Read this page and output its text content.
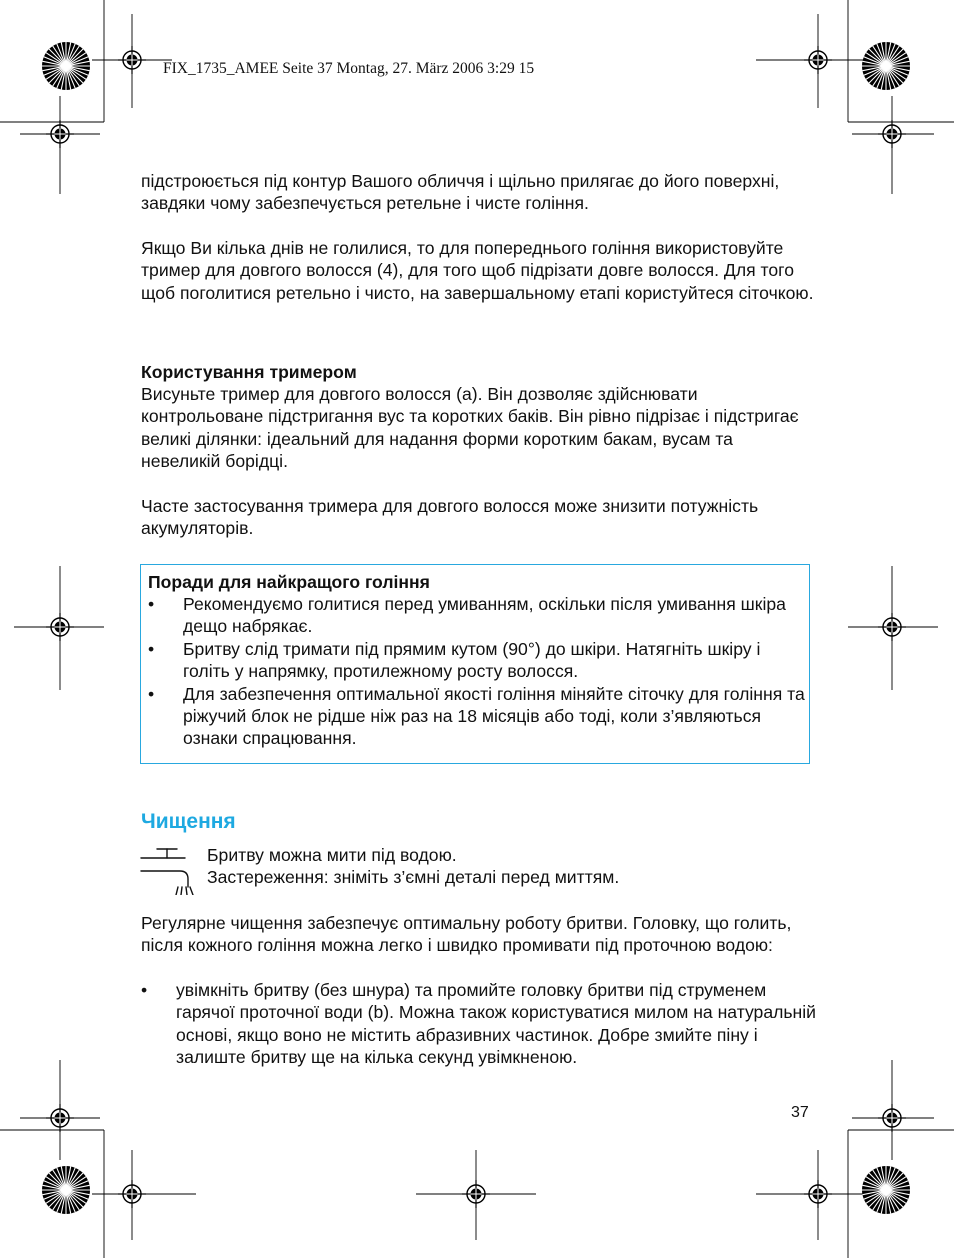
FIX_1735_AMEE Seite 37 Montag, 27. März 2006 3:29 15

підстроюється під контур Вашого обличчя і щільно прилягає до його поверхні, завдяки чому забезпечується ретельне і чисте гоління.

Якщо Ви кілька днів не голилися, то для попереднього гоління використовуйте тример для довгого волосся (4), для того щоб підрізати довге волосся. Для того щоб поголитися ретельно і чисто, на завершальному етапі користуйтеся сіточкою.

Користування тримером

Висуньте тример для довгого волосся (a). Він дозволяє здійснювати контрольоване підстригання вус та коротких баків. Він рівно підрізає і підстригає великі ділянки: ідеальний для надання форми коротким бакам, вусам та невеликій борідці.

Часте застосування тримера для довгого волосся може знизити потужність акумуляторів.

Поради для найкращого гоління
• Рекомендуємо голитися перед умиванням, оскільки після умивання шкіра дещо набрякає.
• Бритву слід тримати під прямим кутом (90°) до шкіри. Натягніть шкіру і голіть у напрямку, протилежному росту волосся.
• Для забезпечення оптимальної якості гоління міняйте сіточку для гоління та ріжучий блок не рідше ніж раз на 18 місяців або тоді, коли з’являються ознаки спрацювання.
Чищення
Бритву можна мити під водою.
Застереження: зніміть з’ємні деталі перед миттям.

Регулярне чищення забезпечує оптимальну роботу бритви. Головку, що голить, після кожного гоління можна легко і швидко промивати під проточною водою:

• увімкніть бритву (без шнура) та промийте головку бритви під струменем гарячої проточної води (b). Можна також користуватися милом на натуральній основі, якщо воно не містить абразивних частинок. Добре змийте піну і залиште бритву ще на кілька секунд увімкненою.
37
